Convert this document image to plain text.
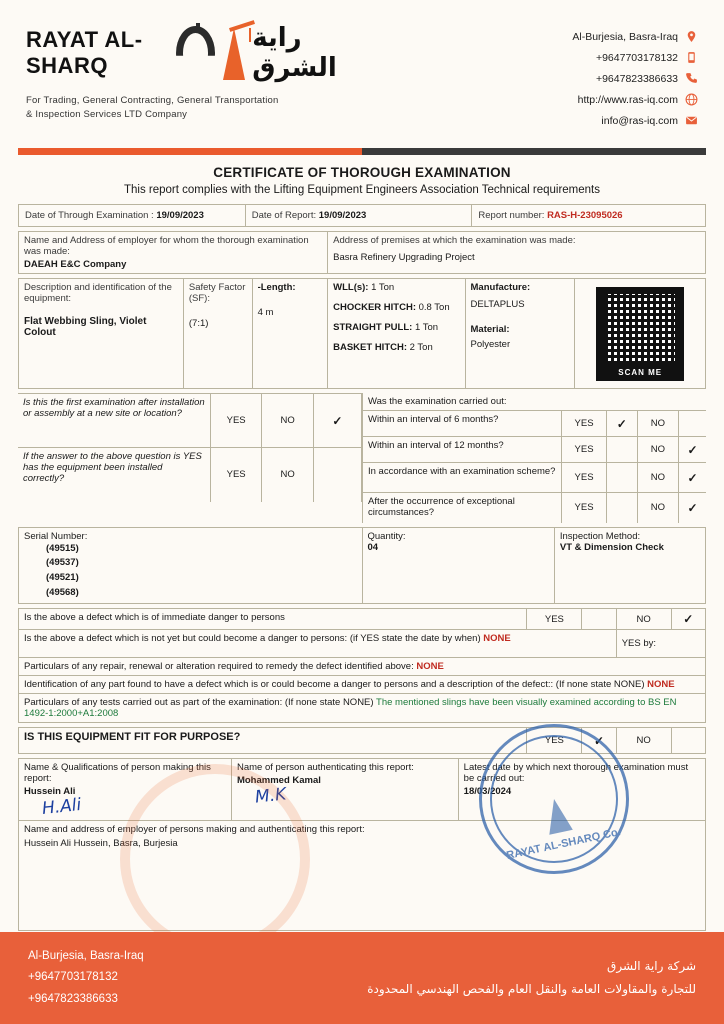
RAYAT AL-SHARQ
راية الشرق
For Trading, General Contracting, General Transportation
& Inspection Services LTD Company
Al-Burjesia, Basra-Iraq
+9647703178132
+9647823386633
http://www.ras-iq.com
info@ras-iq.com
CERTIFICATE OF THOROUGH EXAMINATION
This report complies with the Lifting Equipment Engineers Association Technical requirements
Date of Through Examination : 19/09/2023	Date of Report: 19/09/2023	Report number: RAS-H-23095026
Name and Address of employer for whom the thorough examination was made:
DAEAH E&C Company

Address of premises at which the examination was made:
Basra Refinery Upgrading Project
Description and identification of the equipment:
Flat Webbing Sling, Violet Colout

Safety Factor (SF):
(7:1)

-Length:
4 m

WLL(s): 1 Ton
CHOCKER HITCH: 0.8 Ton
STRAIGHT PULL: 1 Ton
BASKET HITCH: 2 Ton

Manufacture:
DELTAPLUS
Material:
Polyester

SCAN ME
Is this the first examination after installation or assembly at a new site or location?	YES	NO	✓
If the answer to the above question is YES has the equipment been installed correctly?	YES	NO	

Was the examination carried out:
Within an interval of 6 months?	YES	✓	NO	
Within an interval of 12 months?	YES		NO	✓
In accordance with an examination scheme?	YES		NO	✓
After the occurrence of exceptional circumstances?	YES		NO	✓
Serial Number:
(49515)
(49537)
(49521)
(49568)

Quantity:
04

Inspection Method:
VT & Dimension Check
Is the above a defect which is of immediate danger to persons	YES		NO	✓
Is the above a defect which is not yet but could become a danger to persons: (if YES state the date by when) NONE			YES by:	
Particulars of any repair, renewal or alteration required to remedy the defect identified above: NONE				
Identification of any part found to have a defect which is or could become a danger to persons and a description of the defect:: (If none state NONE) NONE				
Particulars of any tests carried out as part of the examination: (If none state NONE) The mentioned slings have been visually examined according to BS EN 1492-1:2000+A1:2008				
IS THIS EQUIPMENT FIT FOR PURPOSE?	YES	✓	NO	
Name & Qualifications of person making this report:
Hussein Ali
H.Ali	
Name of person authenticating this report:
Mohammed Kamal
M.K	
Latest date by which next thorough examination must be carried out:
18/03/2024

Name and address of employer of persons making and authenticating this report:
Hussein Ali Hussein, Basra, Burjesia	RAYAT AL-SHARQ Co.
Al-Burjesia, Basra-Iraq
+9647703178132
+9647823386633
شركة راية الشرق
للتجارة والمقاولات العامة والنقل العام والفحص الهندسي المحدودة
